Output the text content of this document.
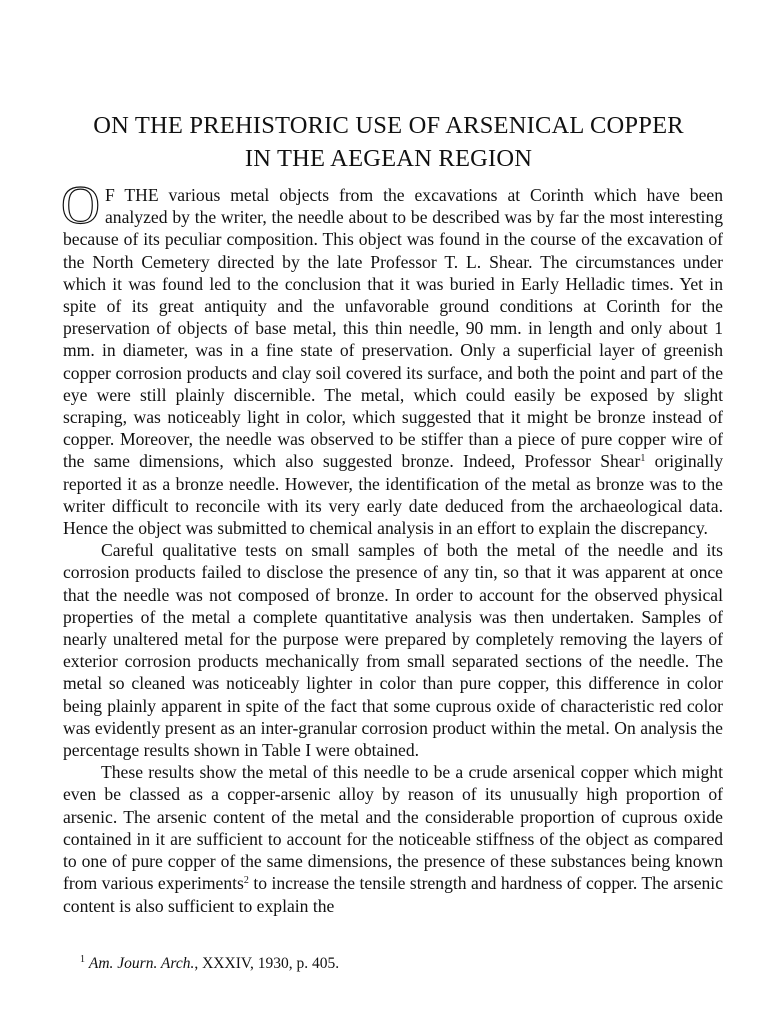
ON THE PREHISTORIC USE OF ARSENICAL COPPER
IN THE AEGEAN REGION

O F THE various metal objects from the excavations at Corinth which have been analyzed by the writer, the needle about to be described was by far the most interesting because of its peculiar composition. This object was found in the course of the excavation of the North Cemetery directed by the late Professor T. L. Shear. The circumstances under which it was found led to the conclusion that it was buried in Early Helladic times. Yet in spite of its great antiquity and the unfavorable ground conditions at Corinth for the preservation of objects of base metal, this thin needle, 90 mm. in length and only about 1 mm. in diameter, was in a fine state of preservation. Only a superficial layer of greenish copper corrosion products and clay soil covered its surface, and both the point and part of the eye were still plainly discernible. The metal, which could easily be exposed by slight scraping, was noticeably light in color, which suggested that it might be bronze instead of copper. Moreover, the needle was observed to be stiffer than a piece of pure copper wire of the same dimensions, which also suggested bronze. Indeed, Professor Shear$^1$ originally reported it as a bronze needle. However, the identification of the metal as bronze was to the writer difficult to reconcile with its very early date deduced from the archaeological data. Hence the object was submitted to chemical analysis in an effort to explain the discrepancy.

Careful qualitative tests on small samples of both the metal of the needle and its corrosion products failed to disclose the presence of any tin, so that it was apparent at once that the needle was not composed of bronze. In order to account for the observed physical properties of the metal a complete quantitative analysis was then undertaken. Samples of nearly unaltered metal for the purpose were prepared by completely removing the layers of exterior corrosion products mechanically from small separated sections of the needle. The metal so cleaned was noticeably lighter in color than pure copper, this difference in color being plainly apparent in spite of the fact that some cuprous oxide of characteristic red color was evidently present as an inter-granular corrosion product within the metal. On analysis the percentage results shown in Table I were obtained.

These results show the metal of this needle to be a crude arsenical copper which might even be classed as a copper-arsenic alloy by reason of its unusually high proportion of arsenic. The arsenic content of the metal and the considerable proportion of cuprous oxide contained in it are sufficient to account for the noticeable stiffness of the object as compared to one of pure copper of the same dimensions, the presence of these substances being known from various experiments$^2$ to increase the tensile strength and hardness of copper. The arsenic content is also sufficient to explain the

$^1$ Am. Journ. Arch., XXXIV, 1930, p. 405.
